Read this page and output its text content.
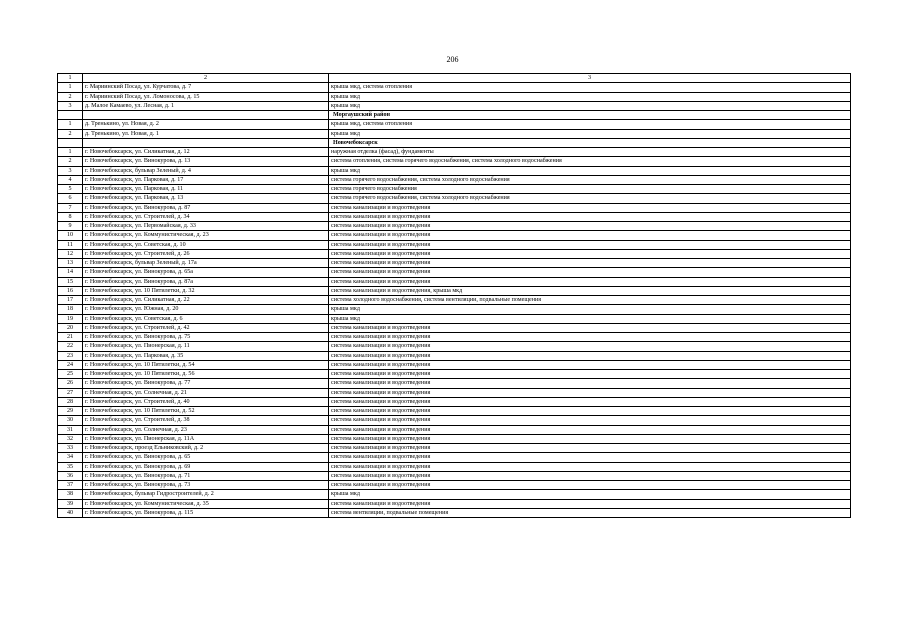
206
1	2	3
1	г. Мариинский Посад, ул. Курчатова, д. 7	крыша мкд, система отопления
2	г. Мариинский Посад, ул. Ломоносова, д. 15	крыша мкд
3	д. Малое Камаево, ул. Лесная, д. 1	крыша мкд
		Моргаушский район
1	д. Тренькино, ул. Новая, д. 2	крыша мкд, система отопления
2	д. Тренькино, ул. Новая, д. 1	крыша мкд
		Новочебоксарск
1	г. Новочебоксарск, ул. Силикатная, д. 12	наружная отделка (фасад), фундаменты
2	г. Новочебоксарск, ул. Винокурова, д. 13	система отопления, система горячего водоснабжения, система холодного водоснабжения
3	г. Новочебоксарск, бульвар Зеленый, д. 4	крыша мкд
4	г. Новочебоксарск, ул. Парковая, д. 17	система горячего водоснабжения, система холодного водоснабжения
5	г. Новочебоксарск, ул. Парковая, д. 11	система горячего водоснабжения
6	г. Новочебоксарск, ул. Парковая, д. 13	система горячего водоснабжения, система холодного водоснабжения
7	г. Новочебоксарск, ул. Винокурова, д. 87	система канализации и водоотведения
8	г. Новочебоксарск, ул. Строителей, д. 34	система канализации и водоотведения
9	г. Новочебоксарск, ул. Первомайская, д. 33	система канализации и водоотведения
10	г. Новочебоксарск, ул. Коммунистическая, д. 23	система канализации и водоотведения
11	г. Новочебоксарск, ул. Советская, д. 10	система канализации и водоотведения
12	г. Новочебоксарск, ул. Строителей, д. 26	система канализации и водоотведения
13	г. Новочебоксарск, бульвар Зеленый, д. 17а	система канализации и водоотведения
14	г. Новочебоксарск, ул. Винокурова, д. 65а	система канализации и водоотведения
15	г. Новочебоксарск, ул. Винокурова, д. 87а	система канализации и водоотведения
16	г. Новочебоксарск, ул. 10 Пятилетки, д. 32	система канализации и водоотведения, крыша мкд
17	г. Новочебоксарск, ул. Силикатная, д. 22	система холодного водоснабжения, система вентиляции, подвальные помещения
18	г. Новочебоксарск, ул. Южная, д. 20	крыша мкд
19	г. Новочебоксарск, ул. Советская, д. 6	крыша мкд
20	г. Новочебоксарск, ул. Строителей, д. 42	система канализации и водоотведения
21	г. Новочебоксарск, ул. Винокурова, д. 75	система канализации и водоотведения
22	г. Новочебоксарск, ул. Пионерская, д. 11	система канализации и водоотведения
23	г. Новочебоксарск, ул. Парковая, д. 35	система канализации и водоотведения
24	г. Новочебоксарск, ул. 10 Пятилетки, д. 54	система канализации и водоотведения
25	г. Новочебоксарск, ул. 10 Пятилетки, д. 56	система канализации и водоотведения
26	г. Новочебоксарск, ул. Винокурова, д. 77	система канализации и водоотведения
27	г. Новочебоксарск, ул. Солнечная, д. 21	система канализации и водоотведения
28	г. Новочебоксарск, ул. Строителей, д. 40	система канализации и водоотведения
29	г. Новочебоксарск, ул. 10 Пятилетки, д. 52	система канализации и водоотведения
30	г. Новочебоксарск, ул. Строителей, д. 38	система канализации и водоотведения
31	г. Новочебоксарск, ул. Солнечная, д. 23	система канализации и водоотведения
32	г. Новочебоксарск, ул. Пионерская, д. 11А	система канализации и водоотведения
33	г. Новочебоксарск, проезд Ельниковский, д. 2	система канализации и водоотведения
34	г. Новочебоксарск, ул. Винокурова, д. 65	система канализации и водоотведения
35	г. Новочебоксарск, ул. Винокурова, д. 69	система канализации и водоотведения
36	г. Новочебоксарск, ул. Винокурова, д. 71	система канализации и водоотведения
37	г. Новочебоксарск, ул. Винокурова, д. 73	система канализации и водоотведения
38	г. Новочебоксарск, бульвар Гидростроителей, д. 2	крыша мкд
39	г. Новочебоксарск, ул. Коммунистическая, д. 35	система канализации и водоотведения
40	г. Новочебоксарск, ул. Винокурова, д. 115	система вентиляции, подвальные помещения
